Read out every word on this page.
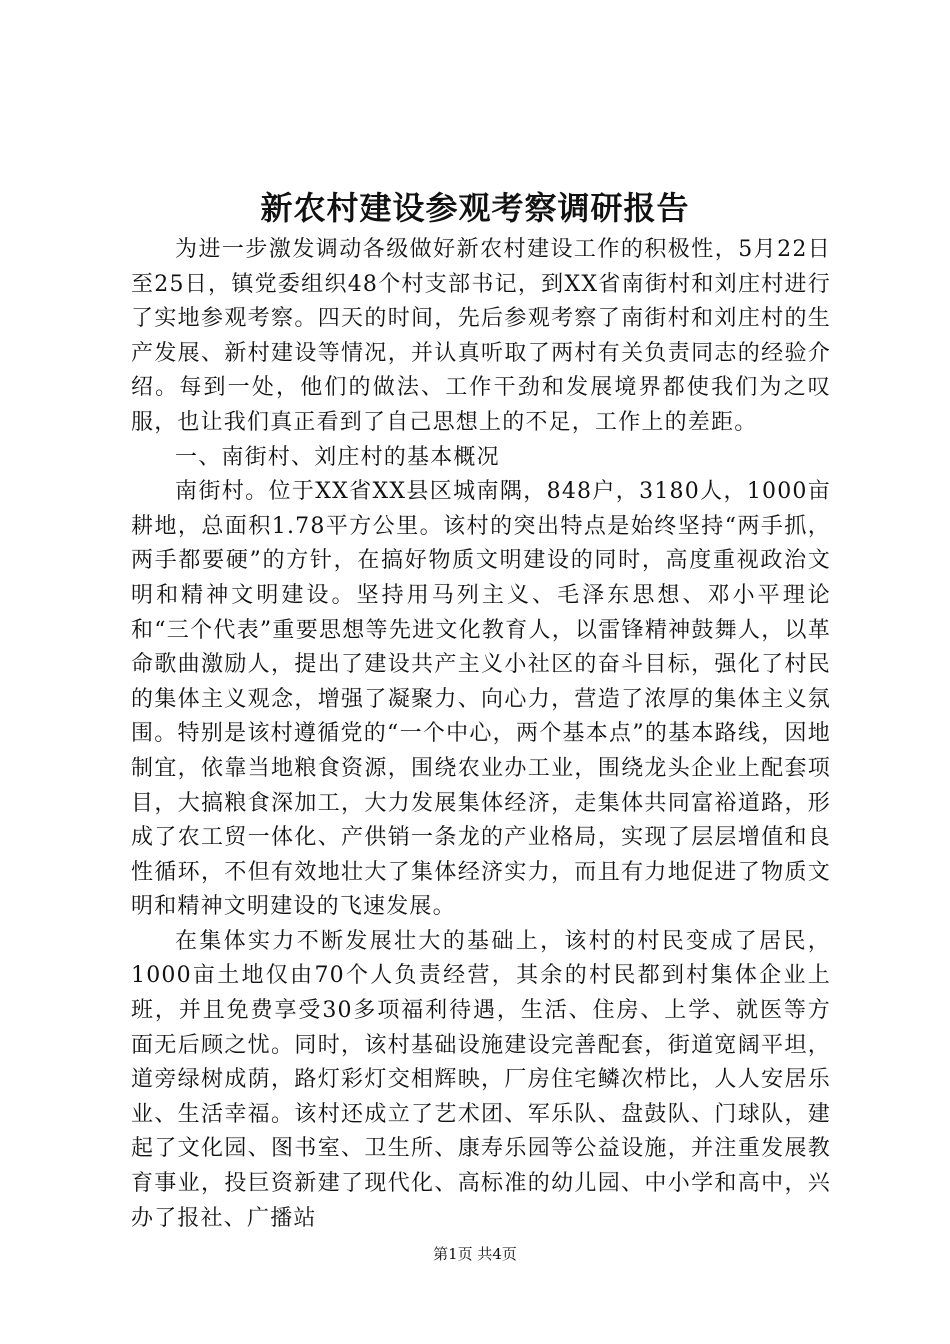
新农村建设参观考察调研报告

为进一步激发调动各级做好新农村建设工作的积极性，5月22日至25日，镇党委组织48个村支部书记，到XX省南街村和刘庄村进行了实地参观考察。四天的时间，先后参观考察了南街村和刘庄村的生产发展、新村建设等情况，并认真听取了两村有关负责同志的经验介绍。每到一处，他们的做法、工作干劲和发展境界都使我们为之叹服，也让我们真正看到了自己思想上的不足，工作上的差距。

一、南街村、刘庄村的基本概况

南街村。位于XX省XX县区城南隅，848户，3180人，1000亩耕地，总面积1.78平方公里。该村的突出特点是始终坚持“两手抓，两手都要硬”的方针，在搞好物质文明建设的同时，高度重视政治文明和精神文明建设。坚持用马列主义、毛泽东思想、邓小平理论和“三个代表”重要思想等先进文化教育人，以雷锋精神鼓舞人，以革命歌曲激励人，提出了建设共产主义小社区的奋斗目标，强化了村民的集体主义观念，增强了凝聚力、向心力，营造了浓厚的集体主义氛围。特别是该村遵循党的“一个中心，两个基本点”的基本路线，因地制宜，依靠当地粮食资源，围绕农业办工业，围绕龙头企业上配套项目，大搞粮食深加工，大力发展集体经济，走集体共同富裕道路，形成了农工贸一体化、产供销一条龙的产业格局，实现了层层增值和良性循环，不但有效地壮大了集体经济实力，而且有力地促进了物质文明和精神文明建设的飞速发展。

在集体实力不断发展壮大的基础上，该村的村民变成了居民，1000亩土地仅由70个人负责经营，其余的村民都到村集体企业上班，并且免费享受30多项福利待遇，生活、住房、上学、就医等方面无后顾之忧。同时，该村基础设施建设完善配套，街道宽阔平坦，道旁绿树成荫，路灯彩灯交相辉映，厂房住宅鳞次栉比，人人安居乐业、生活幸福。该村还成立了艺术团、军乐队、盘鼓队、门球队，建起了文化园、图书室、卫生所、康寿乐园等公益设施，并注重发展教育事业，投巨资新建了现代化、高标准的幼儿园、中小学和高中，兴办了报社、广播站

第1页 共4页
